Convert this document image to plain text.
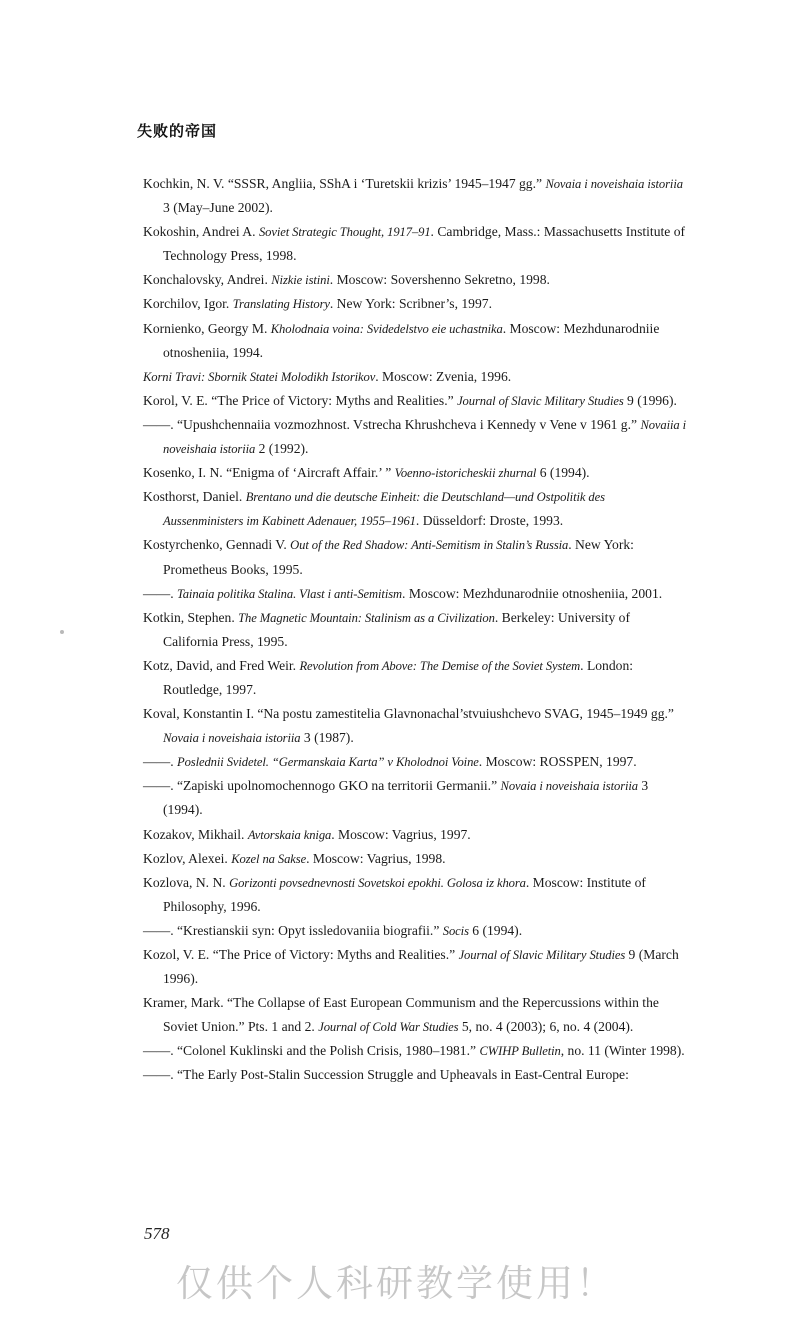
失败的帝国
Kochkin, N. V. “SSSR, Angliia, SShA i ‘Turetskii krizis’ 1945–1947 gg.” Novaia i noveishaia istoriia 3 (May–June 2002).
Kokoshin, Andrei A. Soviet Strategic Thought, 1917–91. Cambridge, Mass.: Massachusetts Institute of Technology Press, 1998.
Konchalovsky, Andrei. Nizkie istini. Moscow: Sovershenno Sekretno, 1998.
Korchilov, Igor. Translating History. New York: Scribner’s, 1997.
Kornienko, Georgy M. Kholodnaia voina: Svidedelstvo eie uchastnika. Moscow: Mezhdunarodniie otnosheniia, 1994.
Korni Travi: Sbornik Statei Molodikh Istorikov. Moscow: Zvenia, 1996.
Korol, V. E. “The Price of Victory: Myths and Realities.” Journal of Slavic Military Studies 9 (1996).
——. “Upushchennaiia vozmozhnost. Vstrecha Khrushcheva i Kennedy v Vene v 1961 g.” Novaiia i noveishaia istoriia 2 (1992).
Kosenko, I. N. “Enigma of ‘Aircraft Affair.’ ” Voenno-istoricheskii zhurnal 6 (1994).
Kosthorst, Daniel. Brentano und die deutsche Einheit: die Deutschland—und Ostpolitik des Aussenministers im Kabinett Adenauer, 1955–1961. Düsseldorf: Droste, 1993.
Kostyrchenko, Gennadi V. Out of the Red Shadow: Anti-Semitism in Stalin’s Russia. New York: Prometheus Books, 1995.
——. Tainaia politika Stalina. Vlast i anti-Semitism. Moscow: Mezhdunarodniie otnosheniia, 2001.
Kotkin, Stephen. The Magnetic Mountain: Stalinism as a Civilization. Berkeley: University of California Press, 1995.
Kotz, David, and Fred Weir. Revolution from Above: The Demise of the Soviet System. London: Routledge, 1997.
Koval, Konstantin I. “Na postu zamestitelia Glavnonachal’stvuiushchevo SVAG, 1945–1949 gg.” Novaia i noveishaia istoriia 3 (1987).
——. Poslednii Svidetel. “Germanskaia Karta” v Kholodnoi Voine. Moscow: ROSSPEN, 1997.
——. “Zapiski upolnomochennogo GKO na territorii Germanii.” Novaia i noveishaia istoriia 3 (1994).
Kozakov, Mikhail. Avtorskaia kniga. Moscow: Vagrius, 1997.
Kozlov, Alexei. Kozel na Sakse. Moscow: Vagrius, 1998.
Kozlova, N. N. Gorizonti povsednevnosti Sovetskoi epokhi. Golosa iz khora. Moscow: Institute of Philosophy, 1996.
——. “Krestianskii syn: Opyt issledovaniia biografii.” Socis 6 (1994).
Kozol, V. E. “The Price of Victory: Myths and Realities.” Journal of Slavic Military Studies 9 (March 1996).
Kramer, Mark. “The Collapse of East European Communism and the Repercussions within the Soviet Union.” Pts. 1 and 2. Journal of Cold War Studies 5, no. 4 (2003); 6, no. 4 (2004).
——. “Colonel Kuklinski and the Polish Crisis, 1980–1981.” CWIHP Bulletin, no. 11 (Winter 1998).
——. “The Early Post-Stalin Succession Struggle and Upheavals in East-Central Europe:
578
仅供个人科研教学使用！
